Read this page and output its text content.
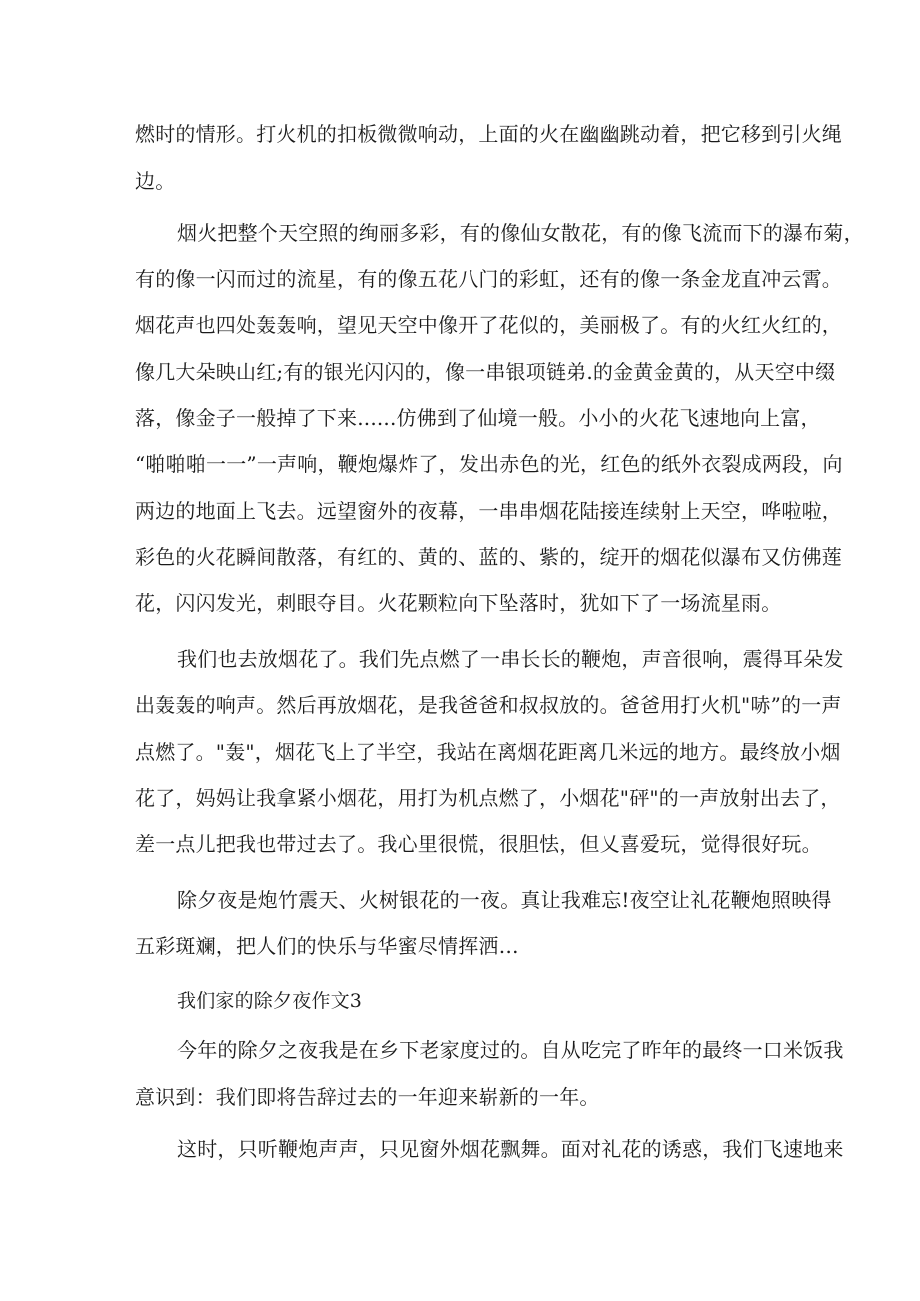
燃时的情形。打火机的扣板微微响动，上面的火在幽幽跳动着，把它移到引火绳
边。
烟火把整个天空照的绚丽多彩，有的像仙女散花，有的像飞流而下的瀑布菊，
有的像一闪而过的流星，有的像五花八门的彩虹，还有的像一条金龙直冲云霄。
烟花声也四处轰轰响，望见天空中像开了花似的，美丽极了。有的火红火红的，
像几大朵映山红;有的银光闪闪的，像一串银项链弟.的金黄金黄的，从天空中缀
落，像金子一般掉了下来......仿佛到了仙境一般。小小的火花飞速地向上富，
“啪啪啪一一”一声响，鞭炮爆炸了，发出赤色的光，红色的纸外衣裂成两段，向
两边的地面上飞去。远望窗外的夜幕，一串串烟花陆接连续射上天空，哗啦啦，
彩色的火花瞬间散落，有红的、黄的、蓝的、紫的，绽开的烟花似瀑布又仿佛莲
花，闪闪发光，刺眼夺目。火花颗粒向下坠落时，犹如下了一场流星雨。
我们也去放烟花了。我们先点燃了一串长长的鞭炮，声音很响，震得耳朵发
出轰轰的响声。然后再放烟花，是我爸爸和叔叔放的。爸爸用打火机"哧”的一声
点燃了。"轰"，烟花飞上了半空，我站在离烟花距离几米远的地方。最终放小烟
花了，妈妈让我拿紧小烟花，用打为机点燃了，小烟花"砰"的一声放射出去了，
差一点儿把我也带过去了。我心里很慌，很胆怯，但乂喜爱玩，觉得很好玩。
除夕夜是炮竹震天、火树银花的一夜。真让我难忘!夜空让礼花鞭炮照映得
五彩斑斓，把人们的快乐与华蜜尽情挥洒…
我们家的除夕夜作文3
今年的除夕之夜我是在乡下老家度过的。自从吃完了昨年的最终一口米饭我
意识到：我们即将告辞过去的一年迎来崭新的一年。
这时，只听鞭炮声声，只见窗外烟花飘舞。面对礼花的诱惑，我们飞速地来
